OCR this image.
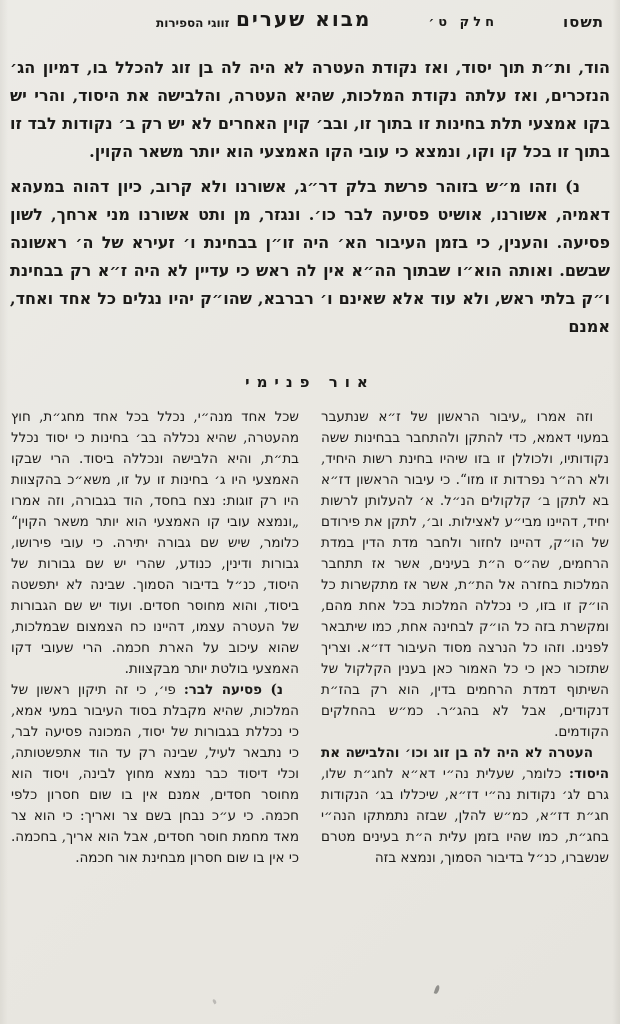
תשסו
חלק ט׳
מבוא שערים
זווגי הספירות

הוד, ות״ת תוך יסוד, ואז נקודת העטרה לא היה לה בן זוג להכלל בו, דמיון הג׳ הנזכרים, ואז עלתה נקודת המלכות, שהיא העטרה, והלבישה את היסוד, והרי יש בקו אמצעי תלת בחינות זו בתוך זו, ובב׳ קוין האחרים לא יש רק ב׳ נקודות לבד זו בתוך זו בכל קו וקו, ונמצא כי עובי הקו האמצעי הוא יותר משאר הקוין.

נ) וזהו מ״ש בזוהר פרשת בלק דר״ג, אשורנו ולא קרוב, כיון דהוה במעהא דאמיה, אשורנו, אושיט פסיעה לבר כו׳. ונגזר, מן ותט אשורנו מני ארחך, לשון פסיעה. והענין, כי בזמן העיבור הא׳ היה זו״ן בבחינת ו׳ זעירא של ה׳ ראשונה שבשם. ואותה הוא״ו שבתוך הה״א אין לה ראש כי עדיין לא היה ז״א רק בבחינת ו״ק בלתי ראש, ולא עוד אלא שאינם ו׳ רברבא, שהו״ק יהיו נגלים כל אחד ואחד, אמנם

אור פנימי

וזה אמרו „עיבור הראשון של ז״א שנתעבר במעוי דאמא, כדי להתקן ולהתחבר בבחינות ששה נקודותיו, ולכוללן זו בזו שיהיו בחינת רשות היחיד, ולא רה״ר נפרדות זו מזו“. כי עיבור הראשון דז״א בא לתקן ב׳ קלקולים הנ״ל. א׳ להעלותן לרשות יחיד, דהיינו מבי״ע לאצילות. וב׳, לתקן את פירודם של הו״ק, דהיינו לחזור ולחבר מדת הדין במדת הרחמים, שה״ס ה״ת בעינים, אשר אז תתחבר המלכות בחזרה אל הת״ת, אשר אז מתקשרות כל הו״ק זו בזו, כי נכללה המלכות בכל אחת מהם, ומקשרת בזה כל הו״ק לבחינה אחת, כמו שיתבאר לפנינו. וזהו כל הנרצה מסוד העיבור דז״א. וצריך שתזכור כאן כי כל האמור כאן בענין הקלקול של השיתוף דמדת הרחמים בדין, הוא רק בהז״ת דנקודים, אבל לא בהג״ר. כמ״ש בהחלקים הקודמים.

העטרה לא היה לה בן זוג וכו׳ והלבישה את היסוד: כלומר, שעלית נה״י דא״א לחג״ת שלו, גרם לג׳ נקודות נה״י דז״א, שיכללו בג׳ הנקודות חג״ת דז״א, כמ״ש להלן, שבזה נתמתקו הנה״י בחג״ת, כמו שהיו בזמן עלית ה״ת בעינים מטרם שנשברו, כנ״ל בדיבור הסמוך, ונמצא בזה

שכל אחד מנה״י, נכלל בכל אחד מחג״ת, חוץ מהעטרה, שהיא נכללה בב׳ בחינות כי יסוד נכלל בת״ת, והיא הלבישה ונכללה ביסוד. הרי שבקו האמצעי היו ג׳ בחינות זו על זו, משא״כ בהקצוות היו רק זוגות: נצח בחסד, הוד בגבורה, וזה אמרו „ונמצא עובי קו האמצעי הוא יותר משאר הקוין“ כלומר, שיש שם גבורה יתירה. כי עובי פירושו, גבורות ודינין, כנודע, שהרי יש שם גבורות של היסוד, כנ״ל בדיבור הסמוך. שבינה לא יתפשטה ביסוד, והוא מחוסר חסדים. ועוד יש שם הגבורות של העטרה עצמו, דהיינו כח הצמצום שבמלכות, שהוא עיכוב על הארת חכמה. הרי שעובי דקו האמצעי בולטת יותר מבקצוות.

נ) פסיעה לבר: פי׳, כי זה תיקון ראשון של המלכות, שהיא מקבלת בסוד העיבור במעי אמא, כי נכללת בגבורות של יסוד, המכונה פסיעה לבר, כי נתבאר לעיל, שבינה רק עד הוד אתפשטותה, וכלי דיסוד כבר נמצא מחוץ לבינה, ויסוד הוא מחוסר חסדים, אמנם אין בו שום חסרון כלפי חכמה. כי ע״כ נבחן בשם צר ואריך: כי הוא צר מאד מחמת חוסר חסדים, אבל הוא אריך, בחכמה. כי אין בו שום חסרון מבחינת אור חכמה.
